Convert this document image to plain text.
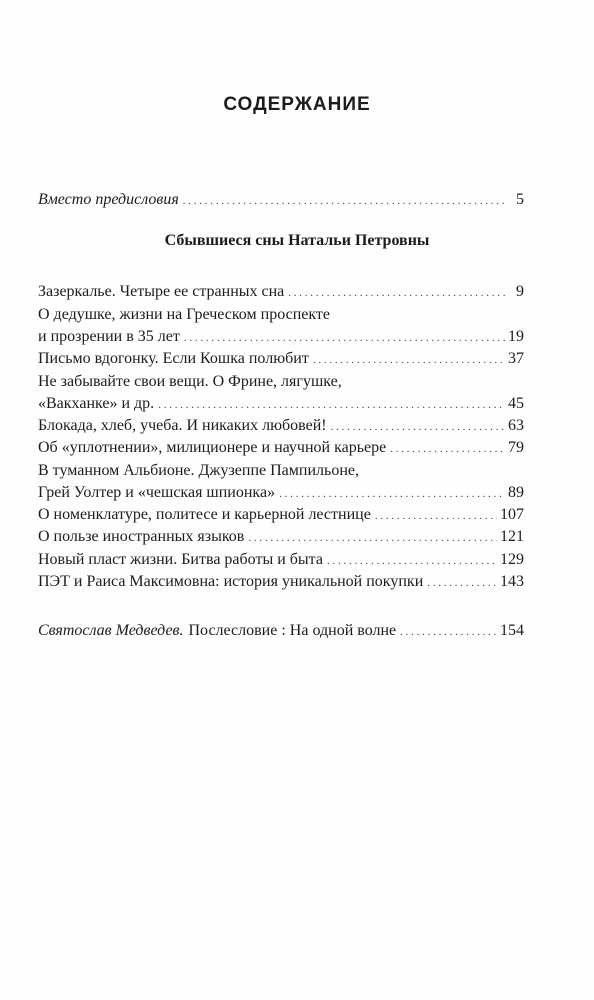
СОДЕРЖАНИЕ
Вместо предисловия . . .	5
Сбывшиеся сны Натальи Петровны
Зазеркалье. Четыре ее странных сна . . .	9
О дедушке, жизни на Греческом проспекте
и прозрении в 35 лет . . .	19
Письмо вдогонку. Если Кошка полюбит . . .	37
Не забывайте свои вещи. О Фрине, лягушке,
«Вакханке» и др. . . .	45
Блокада, хлеб, учеба. И никаких любовей! . . .	63
Об «уплотнении», милиционере и научной карьере . . .	79
В туманном Альбионе. Джузеппе Пампильоне,
Грей Уолтер и «чешская шпионка» . . .	89
О номенклатуре, политесе и карьерной лестнице . . .	107
О пользе иностранных языков . . .	121
Новый пласт жизни. Битва работы и быта . . .	129
ПЭТ и Раиса Максимовна: история уникальной покупки . . .	143
Святослав Медведев. Послесловие : На одной волне . . .	154
